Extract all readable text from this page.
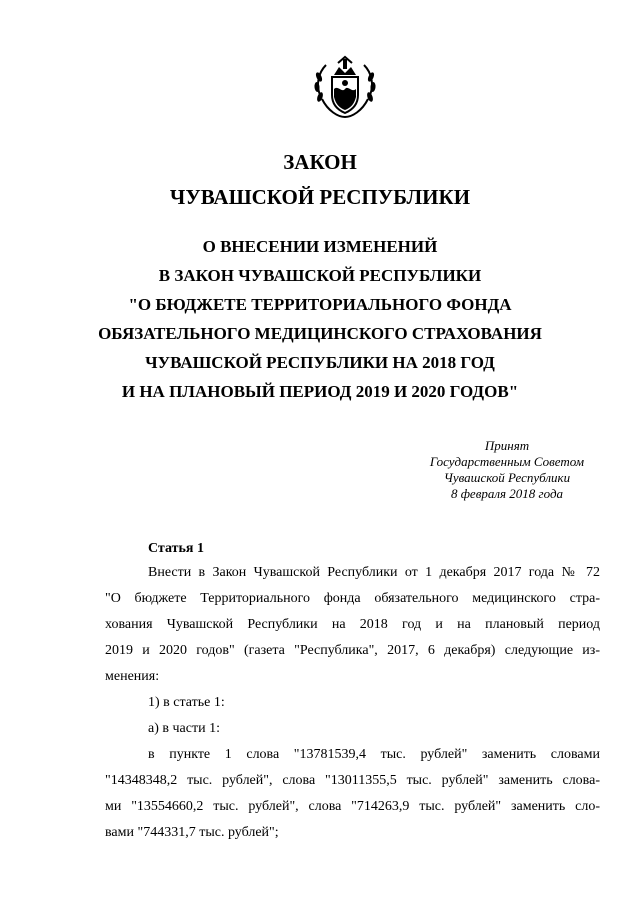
ЗАКОН
ЧУВАШСКОЙ РЕСПУБЛИКИ
О ВНЕСЕНИИ ИЗМЕНЕНИЙ
В ЗАКОН ЧУВАШСКОЙ РЕСПУБЛИКИ
"О БЮДЖЕТЕ ТЕРРИТОРИАЛЬНОГО ФОНДА
ОБЯЗАТЕЛЬНОГО МЕДИЦИНСКОГО СТРАХОВАНИЯ
ЧУВАШСКОЙ РЕСПУБЛИКИ НА 2018 ГОД
И НА ПЛАНОВЫЙ ПЕРИОД 2019 И 2020 ГОДОВ"
Принят
Государственным Советом
Чувашской Республики
8 февраля 2018 года
Статья 1
Внести в Закон Чувашской Республики от 1 декабря 2017 года № 72
"О бюджете Территориального фонда обязательного медицинского стра-
хования Чувашской Республики на 2018 год и на плановый период
2019 и 2020 годов" (газета "Республика", 2017, 6 декабря) следующие из-
менения:
1) в статье 1:
а) в части 1:
в пункте 1 слова "13781539,4 тыс. рублей" заменить словами
"14348348,2 тыс. рублей", слова "13011355,5 тыс. рублей" заменить слова-
ми "13554660,2 тыс. рублей", слова "714263,9 тыс. рублей" заменить сло-
вами "744331,7 тыс. рублей";
